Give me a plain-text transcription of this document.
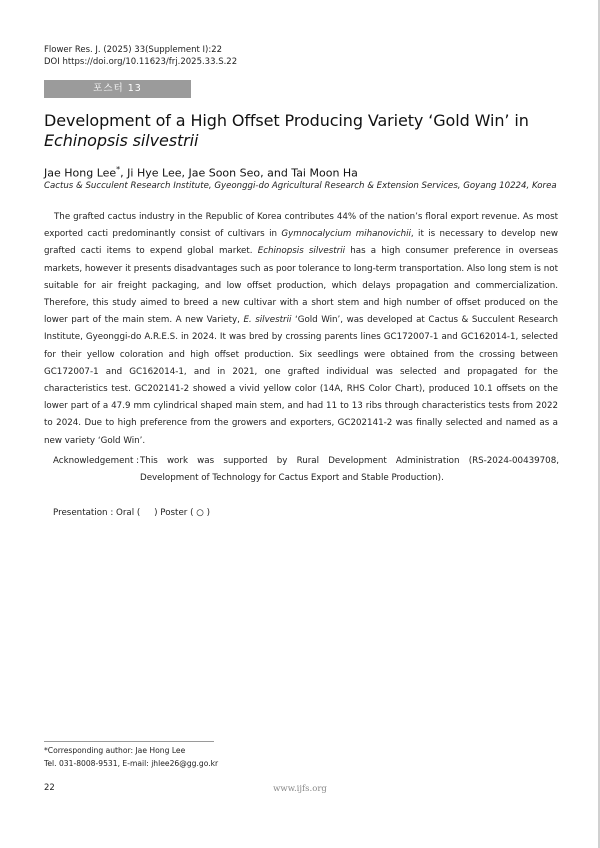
Flower Res. J. (2025) 33(Supplement I):22
DOI https://doi.org/10.11623/frj.2025.33.S.22
포스터 13
Development of a High Offset Producing Variety ‘Gold Win’ in
Echinopsis silvestrii
Jae Hong Lee*, Ji Hye Lee, Jae Soon Seo, and Tai Moon Ha
Cactus & Succulent Research Institute, Gyeonggi-do Agricultural Research & Extension Services, Goyang 10224, Korea

The grafted cactus industry in the Republic of Korea contributes 44% of the nation’s floral export revenue. As most exported cacti predominantly consist of cultivars in Gymnocalycium mihanovichii, it is necessary to develop new grafted cacti items to expend global market. Echinopsis silvestrii has a high consumer preference in overseas markets, however it presents disadvantages such as poor tolerance to long-term transportation. Also long stem is not suitable for air freight packaging, and low offset production, which delays propagation and commercialization. Therefore, this study aimed to breed a new cultivar with a short stem and high number of offset produced on the lower part of the main stem. A new Variety, E. silvestrii ‘Gold Win’, was developed at Cactus & Succulent Research Institute, Gyeonggi-do A.R.E.S. in 2024. It was bred by crossing parents lines GC172007-1 and GC162014-1, selected for their yellow coloration and high offset production. Six seedlings were obtained from the crossing between GC172007-1 and GC162014-1, and in 2021, one grafted individual was selected and propagated for the characteristics test. GC202141-2 showed a vivid yellow color (14A, RHS Color Chart), produced 10.1 offsets on the lower part of a 47.9 mm cylindrical shaped main stem, and had 11 to 13 ribs through characteristics tests from 2022 to 2024. Due to high preference from the growers and exporters, GC202141-2 was finally selected and named as a new variety ‘Gold Win’.

Acknowledgement : This work was supported by Rural Development Administration (RS-2024-00439708, Development of Technology for Cactus Export and Stable Production).
Presentation : Oral (     ) Poster ( ○ )
*Corresponding author: Jae Hong Lee
Tel. 031-8008-9531, E-mail: jhlee26@gg.go.kr
22	www.ijfs.org
